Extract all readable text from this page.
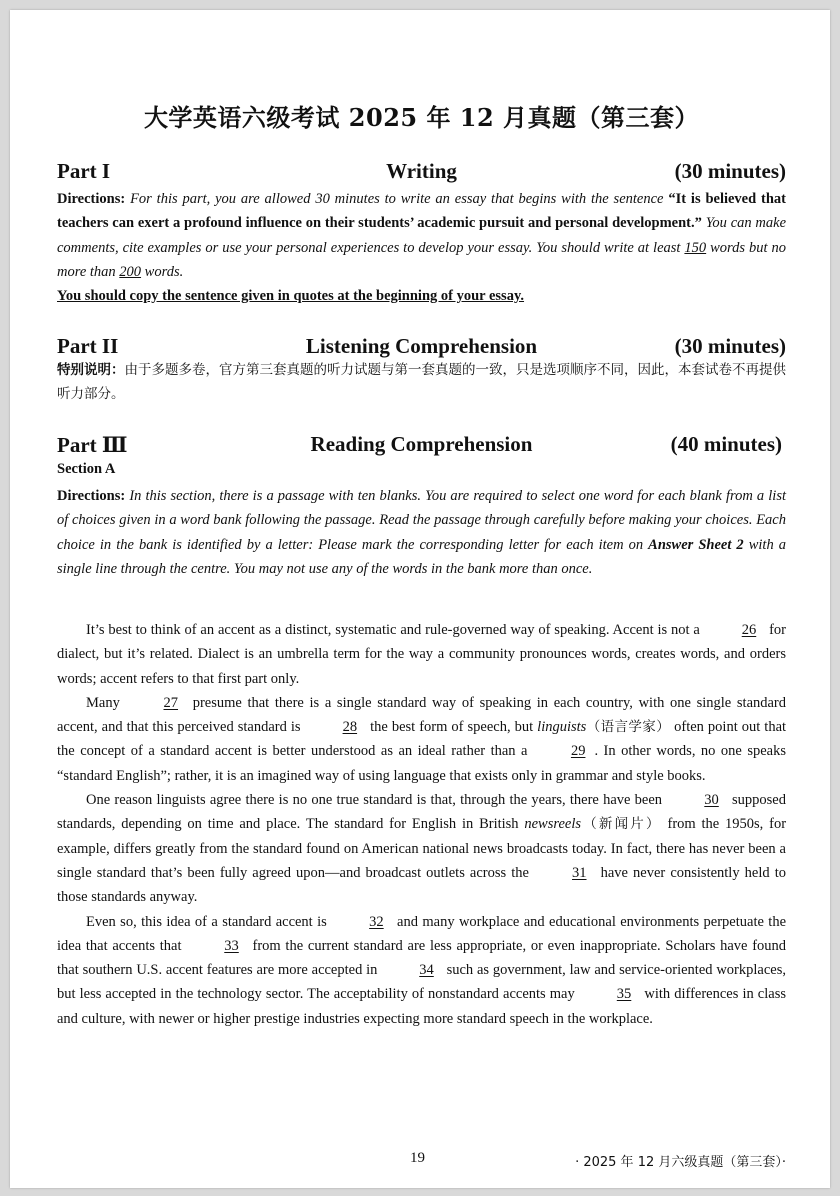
大学英语六级考试 2025 年 12 月真题（第三套）
Part I	Writing	(30 minutes)
Directions: For this part, you are allowed 30 minutes to write an essay that begins with the sentence “It is believed that teachers can exert a profound influence on their students’ academic pursuit and personal development.” You can make comments, cite examples or use your personal experiences to develop your essay. You should write at least 150 words but no more than 200 words.
You should copy the sentence given in quotes at the beginning of your essay.
Part II	Listening Comprehension	(30 minutes)
特别说明：由于多题多卷，官方第三套真题的听力试题与第一套真题的一致，只是选项顺序不同，因此，本套试卷不再提供听力部分。
Part Ⅲ	Reading Comprehension	(40 minutes)
Section A
Directions: In this section, there is a passage with ten blanks. You are required to select one word for each blank from a list of choices given in a word bank following the passage. Read the passage through carefully before making your choices. Each choice in the bank is identified by a letter: Please mark the corresponding letter for each item on Answer Sheet 2 with a single line through the centre. You may not use any of the words in the bank more than once.

It’s best to think of an accent as a distinct, systematic and rule-governed way of speaking. Accent is not a	26 for dialect, but it’s related. Dialect is an umbrella term for the way a community pronounces words, creates words, and orders words; accent refers to that first part only.

Many	27 presume that there is a single standard way of speaking in each country, with one single standard accent, and that this perceived standard is	28 the best form of speech, but linguists（语言学家） often point out that the concept of a standard accent is better understood as an ideal rather than a	29 . In other words, no one speaks “standard English”; rather, it is an imagined way of using language that exists only in grammar and style books.

One reason linguists agree there is no one true standard is that, through the years, there have been	30 supposed standards, depending on time and place. The standard for English in British newsreels（新闻片） from the 1950s, for example, differs greatly from the standard found on American national news broadcasts today. In fact, there has never been a single standard that’s been fully agreed upon—and broadcast outlets across the	31 have never consistently held to those standards anyway.

Even so, this idea of a standard accent is	32 and many workplace and educational environments perpetuate the idea that accents that	33 from the current standard are less appropriate, or even inappropriate. Scholars have found that southern U.S. accent features are more accepted in	34 such as government, law and service-oriented workplaces, but less accepted in the technology sector. The acceptability of nonstandard accents may	35 with differences in class and culture, with newer or higher prestige industries expecting more standard speech in the workplace.

19	· 2025 年 12 月六级真题（第三套）·
